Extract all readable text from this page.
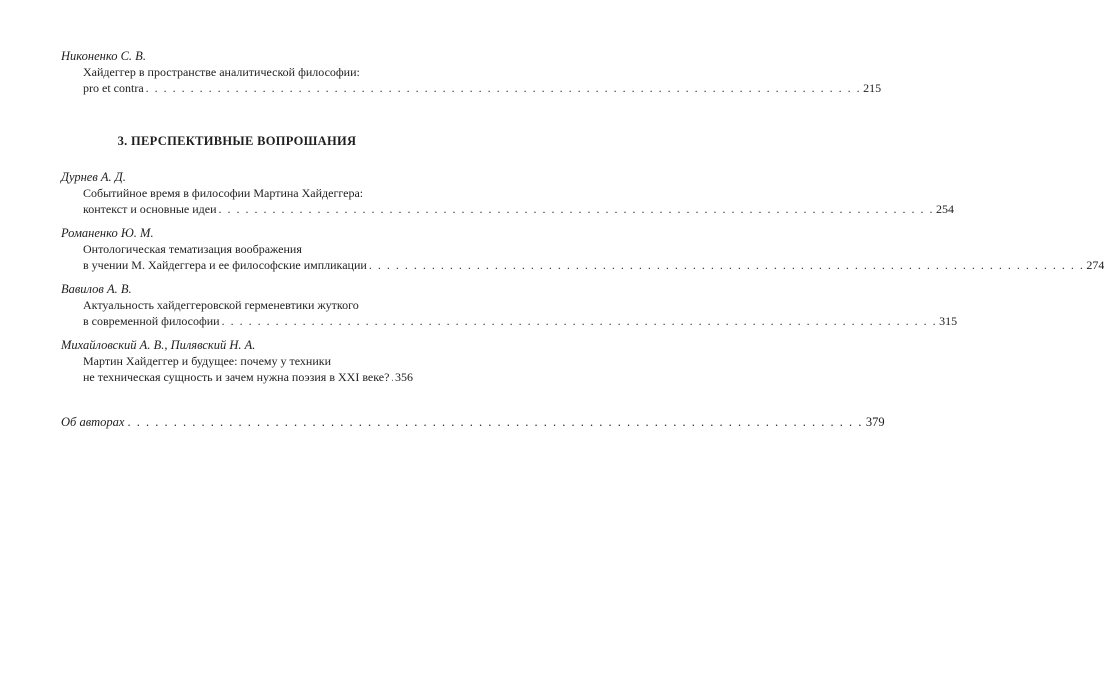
Никоненко С. В.

Хайдеггер в пространстве аналитической философии:
pro et contra . . . . . . . . . . . . . . . . . . . . . . . . . . . . . . . . . . . . . . . . . . . . . . . . . . . . . . . . . . . . . . . . . . . . . . . . . . . . . . . . 215

3. ПЕРСПЕКТИВНЫЕ ВОПРОШАНИЯ

Дурнев А. Д.

Событийное время в философии Мартина Хайдеггера:
контекст и основные идеи . . . . . . . . . . . . . . . . . . . . . . . . . . . . . . . . . . . . . . . . . . . . . . . . . . . . . . . . . . . . . . . . . . . . . . . . . . . . . . . . 254

Романенко Ю. М.

Онтологическая тематизация воображения
в учении М. Хайдеггера и ее философские импликации . . . . . . . . . . . . . . . . . . . . . . . . . . . . . . . . . . . . . . . . . . . . . . . . . . . . . . . . . . . . . . . . . . . . . . . . . . . . . . . . 274

Вавилов А. В.

Актуальность хайдеггеровской герменевтики жуткого
в современной философии . . . . . . . . . . . . . . . . . . . . . . . . . . . . . . . . . . . . . . . . . . . . . . . . . . . . . . . . . . . . . . . . . . . . . . . . . . . . . . . . 315

Михайловский А. В., Пилявский Н. А.

Мартин Хайдеггер и будущее: почему у техники
не техническая сущность и зачем нужна поэзия в XXI веке? 356
Об авторах . . . . . . . . . . . . . . . . . . . . . . . . . . . . . . . . . . . . . . . . . . . . . . . . . . . . . . . . . . . . . . . . . . . . . . . . . . . . . . . . 379
